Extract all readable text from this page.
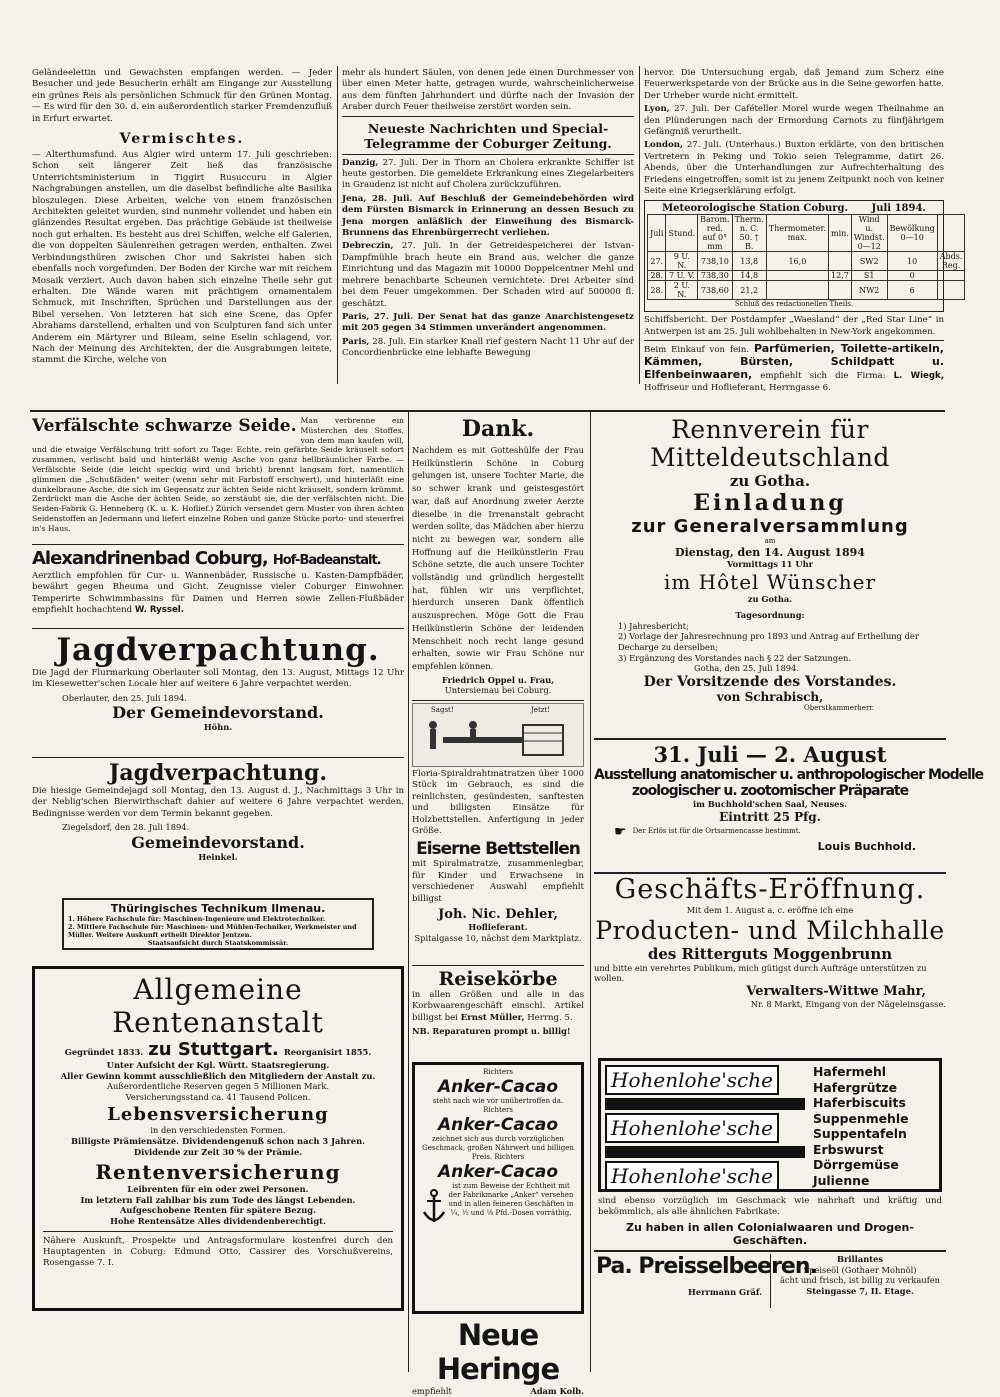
Geländeelettin und Gewachsten empfangen werden. — Jeder Besucher und jede Besucherin erhält am Eingange zur Ausstellung ein grünes Reis als persönlichen Schmuck für den Grünen Montag. — Es wird für den 30. d. ein außerordentlich starker Fremdenzufluß in Erfurt erwartet.

Vermischtes.

— Alterthumsfund. Aus Algier wird unterm 17. Juli geschrieben: Schon seit längerer Zeit ließ das französische Unterrichtsministerium in Tiggirt Rusuccuru in Algier Nachgrabungen anstellen, um die daselbst befindliche alte Basilika bloszulegen. Diese Arbeiten, welche von einem französischen Architekten geleitet wurden, sind nunmehr vollendet und haben ein glänzendes Resultat ergeben. Das prächtige Gebäude ist theilweise noch gut erhalten. Es besteht aus drei Schiffen, welche elf Galerien, die von doppelten Säulenreihen getragen werden, enthalten. Zwei Verbindungsthüren zwischen Chor und Sakristei haben sich ebenfalls noch vorgefunden. Der Boden der Kirche war mit reichem Mosaik verziert. Auch davon haben sich einzelne Theile sehr gut erhalten. Die Wände waren mit prächtigem ornamentalem Schmuck, mit Inschriften, Sprüchen und Darstellungen aus der Bibel versehen. Von letzteren hat sich eine Scene, das Opfer Abrahams darstellend, erhalten und von Sculpturen fand sich unter Anderem ein Märtyrer und Bileam, seine Eselin schlagend, vor. Nach der Meinung des Architekten, der die Ausgrabungen leitete, stammt die Kirche, welche von

mehr als hundert Säulen, von denen jede einen Durchmesser von über einen Meter hatte, getragen wurde, wahrscheinlicherweise aus dem fünften Jahrhundert und dürfte nach der Invasion der Araber durch Feuer theilweise zerstört worden sein.

Neueste Nachrichten und Special-Telegramme der Coburger Zeitung.

Danzig, 27. Juli. Der in Thorn an Cholera erkrankte Schiffer ist heute gestorben. Die gemeldete Erkrankung eines Ziegelarbeiters in Graudenz ist nicht auf Cholera zurückzuführen.

Jena, 28. Juli. Auf Beschluß der Gemeindebehörden wird dem Fürsten Bismarck in Erinnerung an dessen Besuch zu Jena morgen anläßlich der Einweihung des Bismarck-Brunnens das Ehrenbürgerrecht verliehen.

Debreczin, 27. Juli. In der Getreidespeicherei der Istvan-Dampfmühle brach heute ein Brand aus, welcher die ganze Einrichtung und das Magazin mit 10000 Doppelcentner Mehl und mehrere benachbarte Scheunen vernichtete. Drei Arbeiter sind bei dem Feuer umgekommen. Der Schaden wird auf 500000 fl. geschätzt.

Paris, 27. Juli. Der Senat hat das ganze Anarchistengesetz mit 205 gegen 34 Stimmen unverändert angenommen.

Paris, 28. Juli. Ein starker Knall rief gestern Nacht 11 Uhr auf der Concordienbrücke eine lebhafte Bewegung

hervor. Die Untersuchung ergab, daß Jemand zum Scherz eine Feuerwerkspetarde von der Brücke aus in die Seine geworfen hatte. Der Urheber wurde nicht ermittelt.

Lyon, 27. Juli. Der Cafételler Morel wurde wegen Theilnahme an den Plünderungen nach der Ermordung Carnots zu fünfjährigem Gefängniß verurtheilt.

London, 27. Juli. (Unterhaus.) Buxton erklärte, von den britischen Vertretern in Peking und Tokio seien Telegramme, datirt 26. Abends, über die Unterhandlungen zur Aufrechterhaltung des Friedens eingetroffen; somit ist zu jenem Zeitpunkt noch von keiner Seite eine Kriegserklärung erfolgt.

Meteorologische Station Coburg. Juli 1894.
Juli	Stund.	Barom. red. auf 0° mm	Therm. n. C. 50. † B.	Thermometer. max.	min.	Wind u. Windst. 0—12	Bewölkung 0—10	
27.	9 U. N.	738,10	13,8	16,0		SW2	10	Abds. Reg.
28.	7 U. V.	738,30	14,8		12,7	S1	0	
28.	2 U. N.	738,60	21,2			NW2	6	
Schluß des redactionellen Theils.

Schiffsbericht. Der Postdampfer „Waesland“ der „Red Star Line“ in Antwerpen ist am 25. Juli wohlbehalten in New-York angekommen.

Beim Einkauf von fein. Parfümerien, Toilette-artikeln, Kämmen, Bürsten, Schildpatt u. Elfenbeinwaaren, empfiehlt sich die Firma: L. Wiegk, Hoffriseur und Hoflieferant, Herrngasse 6.

Verfälschte schwarze Seide. Man verbrenne ein Müsterchen des Stoffes, von dem man kaufen will, und die etwaige Verfälschung tritt sofort zu Tage: Echte, rein gefärbte Seide kräuselt sofort zusammen, verlischt bald und hinterläßt wenig Asche von ganz hellbräunlicher Farbe. — Verfälschte Seide (die leicht speckig wird und bricht) brennt langsam fort, namentlich glimmen die „Schußfäden“ weiter (wenn sehr mit Farbstoff erschwert), und hinterläßt eine dunkelbraune Asche, die sich im Gegensatz zur ächten Seide nicht kräuselt, sondern krümmt. Zerdrückt man die Asche der ächten Seide, so zerstäubt sie, die der verfälschten nicht. Die Seiden-Fabrik G. Henneberg (K. u. K. Hoflief.) Zürich versendet gern Muster von ihren ächten Seidenstoffen an Jedermann und liefert einzelne Roben und ganze Stücke porto- und steuerfrei in's Haus.
Alexandrinenbad Coburg, Hof-Badeanstalt.

Aerztlich empfohlen für Cur- u. Wannenbäder, Russische u. Kasten-Dampfbäder, bewährt gegen Rheuma und Gicht. Zeugnisse vieler Coburger Einwohner. Temperirte Schwimmbassins für Damen und Herren sowie Zellen-Flußbäder empfiehlt hochachtend W. Ryssel.

Jagdverpachtung.

Die Jagd der Flurmarkung Oberlauter soll Montag, den 13. August, Mittags 12 Uhr im Kiesewetter'schen Locale hier auf weitere 6 Jahre verpachtet werden.

Oberlauter, den 25. Juli 1894.
Der Gemeindevorstand.
Höhn.
Jagdverpachtung.

Die hiesige Gemeindejagd soll Montag, den 13. August d. J., Nachmittags 3 Uhr in der Neblig'schen Bierwirthschaft dahier auf weitere 6 Jahre verpachtet werden. Bedingnisse werden vor dem Termin bekannt gegeben.

Ziegelsdorf, den 28. Juli 1894.
Gemeindevorstand.
Heinkel.
Thüringisches Technikum Ilmenau.
1. Höhere Fachschule für: Maschinen-Ingenieure und Elektrotechniker.
2. Mittlere Fachschule für: Maschinen- und Mühlen-Techniker, Werkmeister und Müller. Weitere Auskunft ertheilt Direktor Jentzen.
Staatsaufsicht durch Staatskommissär.
Allgemeine Rentenanstalt
Gegründet 1833. zu Stuttgart. Reorganisirt 1855.
Unter Aufsicht der Kgl. Württ. Staatsregierung.
Aller Gewinn kommt ausschließlich den Mitgliedern der Anstalt zu.
Außerordentliche Reserven gegen 5 Millionen Mark.
Versicherungsstand ca. 41 Tausend Policen.
Lebensversicherung
in den verschiedensten Formen.
Billigste Prämiensätze. Dividendengenuß schon nach 3 Jahren.
Dividende zur Zeit 30 % der Prämie.
Rentenversicherung
Leibrenten für ein oder zwei Personen.
Im letztern Fall zahlbar bis zum Tode des längst Lebenden.
Aufgeschobene Renten für spätere Bezug.
Hohe Rentensätze Alles dividendenberechtigt.

Nähere Auskunft, Prospekte und Antragsformulare kostenfrei durch den Hauptagenten in Coburg: Edmund Otto, Cassirer des Vorschußvereins, Rosengasse 7. I.

Dank.

Nachdem es mit Gotteshülfe der Frau Heilkünstlerin Schöne in Coburg gelungen ist, unsere Tochter Marie, die so schwer krank und geistesgestört war, daß auf Anordnung zweier Aerzte dieselbe in die Irrenanstalt gebracht werden sollte, das Mädchen aber hierzu nicht zu bewegen war, sondern alle Hoffnung auf die Heilkünstlerin Frau Schöne setzte, die auch unsere Tochter vollständig und gründlich hergestellt hat, fühlen wir uns verpflichtet, hierdurch unseren Dank öffentlich auszusprechen. Möge Gott die Frau Heilkünstlerin Schöne der leidenden Menschheit noch recht lange gesund erhalten, sowie wir Frau Schöne nur empfehlen können.

Friedrich Oppel u. Frau,
Untersiemau bei Coburg.
Sagst!	Jetzt!

Floria-Spiraldrahtmatratzen über 1000 Stück im Gebrauch, es sind die reinlichsten, gesündesten, sanftesten und billigsten Einsätze für Holzbettstellen. Anfertigung in jeder Größe.

Eiserne Bettstellen

mit Spiralmatratze, zusammenlegbar, für Kinder und Erwachsene in verschiedener Auswahl empfiehlt billigst

Joh. Nic. Dehler,
Hoflieferant.
Spitalgasse 10, nächst dem Marktplatz.
Reisekörbe

in allen Größen und alle in das Korbwaarengeschäft einschl. Artikel billigst bei Ernst Müller, Herrng. 5.

NB. Reparaturen prompt u. billig!
Richters
Anker-Cacao
steht nach wie vor unübertroffen da. Richters
Anker-Cacao
zeichnet sich aus durch vorzüglichen Geschmack, großen Nährwert und billigen Preis. Richters
Anker-Cacao
ist zum Beweise der Echtheit mit der Fabrikmarke „Anker“ versehen und in allen feineren Geschäften in ¼, ½ und ⅛ Pfd.-Dosen vorräthig.
Neue Heringe
empfiehlt	Adam Kolb.
Rennverein für Mitteldeutschland
zu Gotha.
Einladung
zur Generalversammlung
am
Dienstag, den 14. August 1894
Vormittags 11 Uhr
im Hôtel Wünscher
zu Gotha.
Tagesordnung:
1) Jahresbericht;
2) Vorlage der Jahresrechnung pro 1893 und Antrag auf Ertheilung der Decharge zu derselben;
3) Ergänzung des Vorstandes nach § 22 der Satzungen.
Gotha, den 25. Juli 1894.
Der Vorsitzende des Vorstandes.
von Schrabisch,
Oberstkammerherr.
31. Juli — 2. August
Ausstellung anatomischer u. anthropologischer Modelle
zoologischer u. zootomischer Präparate
im Buchhold'schen Saal, Neuses.
Eintritt 25 Pfg.
☛ Der Erlös ist für die Ortsarmencasse bestimmt.
Louis Buchhold.
Geschäfts-Eröffnung.
Mit dem 1. August a. c. eröffne ich eine
Producten- und Milchhalle
des Ritterguts Moggenbrunn
und bitte ein verehrtes Publikum, mich gütigst durch Aufträge unterstützen zu wollen.
Verwalters-Wittwe Mahr,
Nr. 8 Markt, Eingang von der Nägeleinsgasse.
Hohenlohe'sche
Hohenlohe'sche
Hohenlohe'sche
Hafermehl
Hafergrütze
Haferbiscuits
Suppenmehle
Suppentafeln
Erbswurst
Dörrgemüse
Julienne

sind ebenso vorzüglich im Geschmack wie nahrhaft und kräftig und bekömmlich, als alle ähnlichen Fabrikate.

Zu haben in allen Colonialwaaren und Drogen-Geschäften.
Pa. Preisselbeeren.
Herrmann Gräf.
Brillantes
Speiseöl (Gothaer Mohnöl)
ächt und frisch, ist billig zu verkaufen
Steingasse 7, II. Etage.
